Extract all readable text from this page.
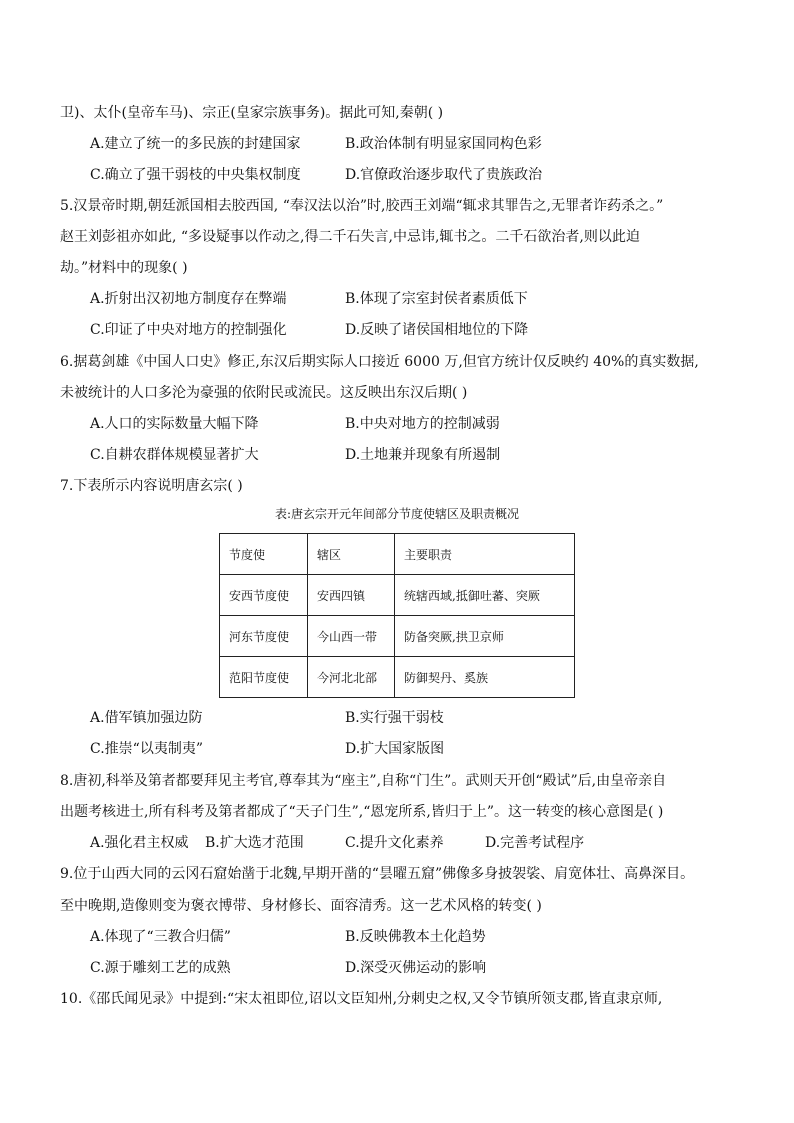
卫)、太仆(皇帝车马)、宗正(皇家宗族事务)。据此可知,秦朝( )
A.建立了统一的多民族的封建国家	B.政治体制有明显家国同构色彩
C.确立了强干弱枝的中央集权制度	D.官僚政治逐步取代了贵族政治
5.汉景帝时期,朝廷派国相去胶西国, “奉汉法以治”时,胶西王刘端“辄求其罪告之,无罪者诈药杀之。”
赵王刘彭祖亦如此, “多设疑事以作动之,得二千石失言,中忌讳,辄书之。二千石欲治者,则以此迫
劫。”材料中的现象( )
A.折射出汉初地方制度存在弊端	B.体现了宗室封侯者素质低下
C.印证了中央对地方的控制强化	D.反映了诸侯国相地位的下降
6.据葛剑雄《中国人口史》修正,东汉后期实际人口接近 6000 万,但官方统计仅反映约 40%的真实数据,
未被统计的人口多沦为豪强的依附民或流民。这反映出东汉后期( )
A.人口的实际数量大幅下降	B.中央对地方的控制减弱
C.自耕农群体规模显著扩大	D.土地兼并现象有所遏制
7.下表所示内容说明唐玄宗( )
表:唐玄宗开元年间部分节度使辖区及职责概况
节度使	辖区	主要职责
安西节度使	安西四镇	统辖西域,抵御吐蕃、突厥
河东节度使	今山西一带	防备突厥,拱卫京师
范阳节度使	今河北北部	防御契丹、奚族
A.借军镇加强边防	B.实行强干弱枝
C.推崇“以夷制夷”	D.扩大国家版图
8.唐初,科举及第者都要拜见主考官,尊奉其为“座主”,自称“门生”。武则天开创“殿试”后,由皇帝亲自
出题考核进士,所有科考及第者都成了“天子门生”,“恩宠所系,皆归于上”。这一转变的核心意图是( )
A.强化君主权威 B.扩大选才范围	C.提升文化素养	D.完善考试程序
9.位于山西大同的云冈石窟始凿于北魏,早期开凿的“昙曜五窟”佛像多身披袈裟、肩宽体壮、高鼻深目。
至中晚期,造像则变为褒衣博带、身材修长、面容清秀。这一艺术风格的转变( )
A.体现了“三教合归儒”	B.反映佛教本土化趋势
C.源于雕刻工艺的成熟	D.深受灭佛运动的影响
10.《邵氏闻见录》中提到:“宋太祖即位,诏以文臣知州,分刺史之权,又令节镇所领支郡,皆直隶京师,
